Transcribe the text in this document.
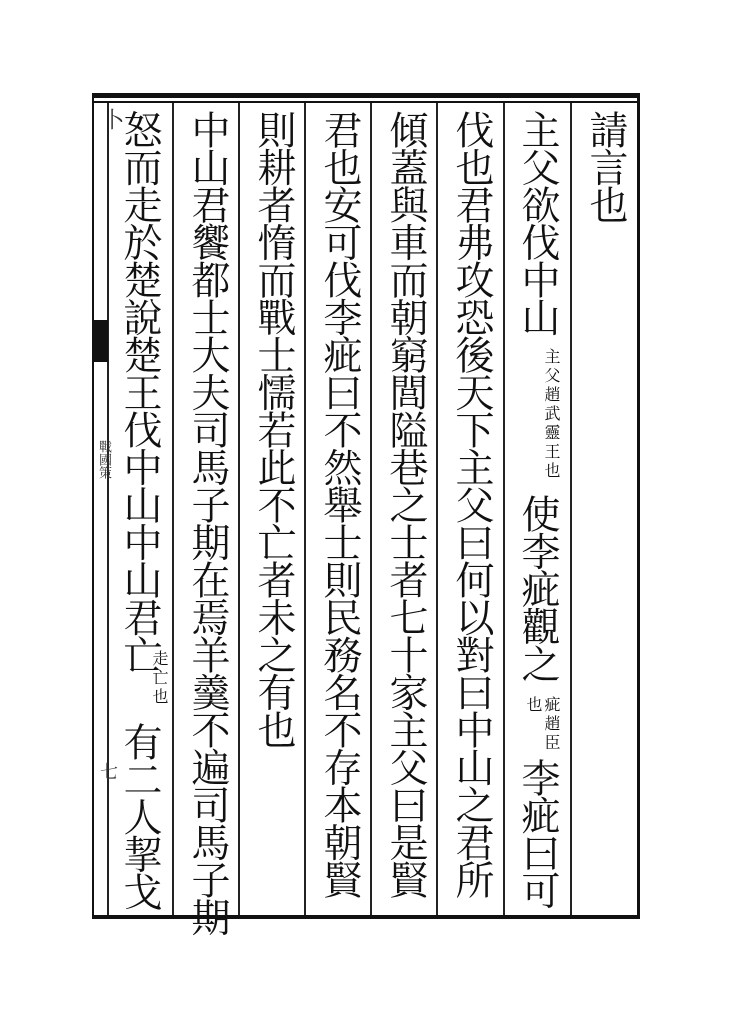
卜
戰國策
七
請言也
主父欲伐中山
主父趙武靈王也
使李疵觀之
疵趙臣也
李疵曰可
伐也君弗攻恐後天下主父曰何以對曰中山之君所
傾蓋與車而朝窮閭隘巷之士者七十家主父曰是賢
君也安可伐李疵曰不然舉士則民務名不存本朝賢
則耕者惰而戰士懦若此不亡者未之有也
中山君饗都士大夫司馬子期在焉羊羹不遍司馬子期
怒而走於楚說楚王伐中山中山君亡
走亡也
有二人挈戈
